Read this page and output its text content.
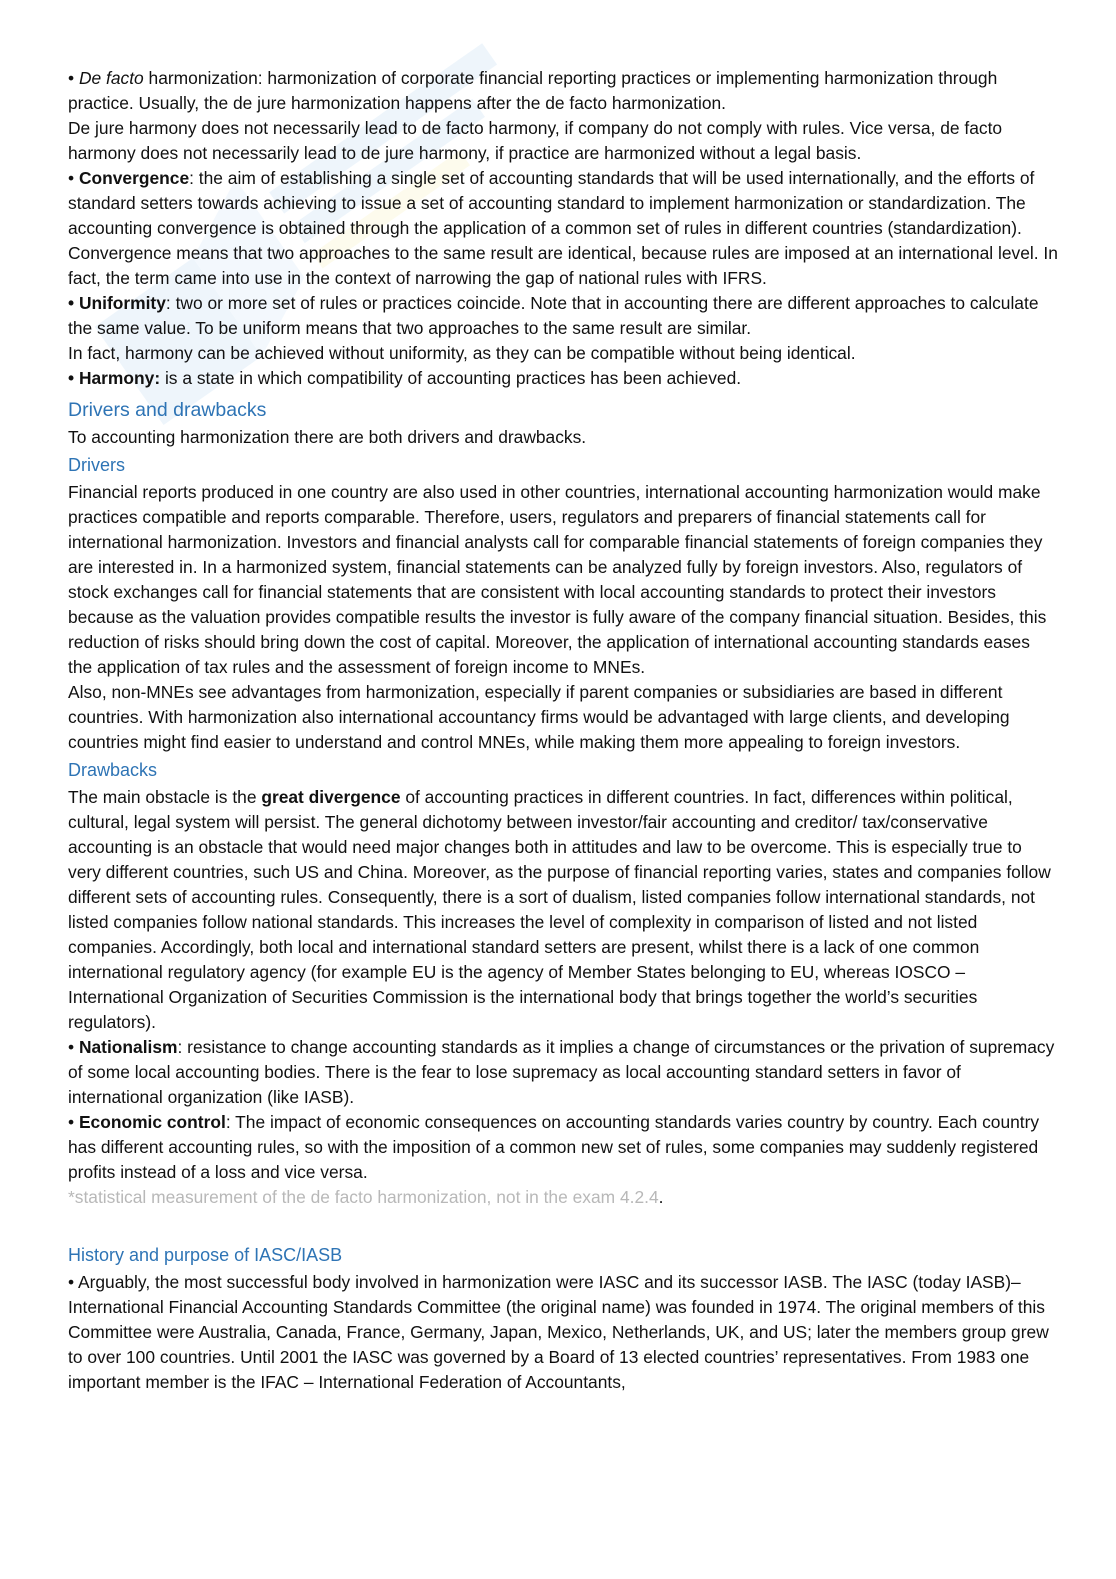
• De facto harmonization: harmonization of corporate financial reporting practices or implementing harmonization through practice. Usually, the de jure harmonization happens after the de facto harmonization.

De jure harmony does not necessarily lead to de facto harmony, if company do not comply with rules. Vice versa, de facto harmony does not necessarily lead to de jure harmony, if practice are harmonized without a legal basis.

• Convergence: the aim of establishing a single set of accounting standards that will be used internationally, and the efforts of standard setters towards achieving to issue a set of accounting standard to implement harmonization or standardization. The accounting convergence is obtained through the application of a common set of rules in different countries (standardization). Convergence means that two approaches to the same result are identical, because rules are imposed at an international level. In fact, the term came into use in the context of narrowing the gap of national rules with IFRS.

• Uniformity: two or more set of rules or practices coincide. Note that in accounting there are different approaches to calculate the same value. To be uniform means that two approaches to the same result are similar.

In fact, harmony can be achieved without uniformity, as they can be compatible without being identical.

• Harmony: is a state in which compatibility of accounting practices has been achieved.

Drivers and drawbacks

To accounting harmonization there are both drivers and drawbacks.

Drivers

Financial reports produced in one country are also used in other countries, international accounting harmonization would make practices compatible and reports comparable. Therefore, users, regulators and preparers of financial statements call for international harmonization. Investors and financial analysts call for comparable financial statements of foreign companies they are interested in. In a harmonized system, financial statements can be analyzed fully by foreign investors. Also, regulators of stock exchanges call for financial statements that are consistent with local accounting standards to protect their investors because as the valuation provides compatible results the investor is fully aware of the company financial situation. Besides, this reduction of risks should bring down the cost of capital. Moreover, the application of international accounting standards eases the application of tax rules and the assessment of foreign income to MNEs.

Also, non-MNEs see advantages from harmonization, especially if parent companies or subsidiaries are based in different countries. With harmonization also international accountancy firms would be advantaged with large clients, and developing countries might find easier to understand and control MNEs, while making them more appealing to foreign investors.

Drawbacks

The main obstacle is the great divergence of accounting practices in different countries. In fact, differences within political, cultural, legal system will persist. The general dichotomy between investor/fair accounting and creditor/ tax/conservative accounting is an obstacle that would need major changes both in attitudes and law to be overcome. This is especially true to very different countries, such US and China. Moreover, as the purpose of financial reporting varies, states and companies follow different sets of accounting rules. Consequently, there is a sort of dualism, listed companies follow international standards, not listed companies follow national standards. This increases the level of complexity in comparison of listed and not listed companies. Accordingly, both local and international standard setters are present, whilst there is a lack of one common international regulatory agency (for example EU is the agency of Member States belonging to EU, whereas IOSCO – International Organization of Securities Commission is the international body that brings together the world’s securities regulators).

• Nationalism: resistance to change accounting standards as it implies a change of circumstances or the privation of supremacy of some local accounting bodies. There is the fear to lose supremacy as local accounting standard setters in favor of international organization (like IASB).

• Economic control: The impact of economic consequences on accounting standards varies country by country. Each country has different accounting rules, so with the imposition of a common new set of rules, some companies may suddenly registered profits instead of a loss and vice versa.

*statistical measurement of the de facto harmonization, not in the exam 4.2.4.

History and purpose of IASC/IASB

• Arguably, the most successful body involved in harmonization were IASC and its successor IASB. The IASC (today IASB)– International Financial Accounting Standards Committee (the original name) was founded in 1974. The original members of this Committee were Australia, Canada, France, Germany, Japan, Mexico, Netherlands, UK, and US; later the members group grew to over 100 countries. Until 2001 the IASC was governed by a Board of 13 elected countries’ representatives. From 1983 one important member is the IFAC – International Federation of Accountants,
